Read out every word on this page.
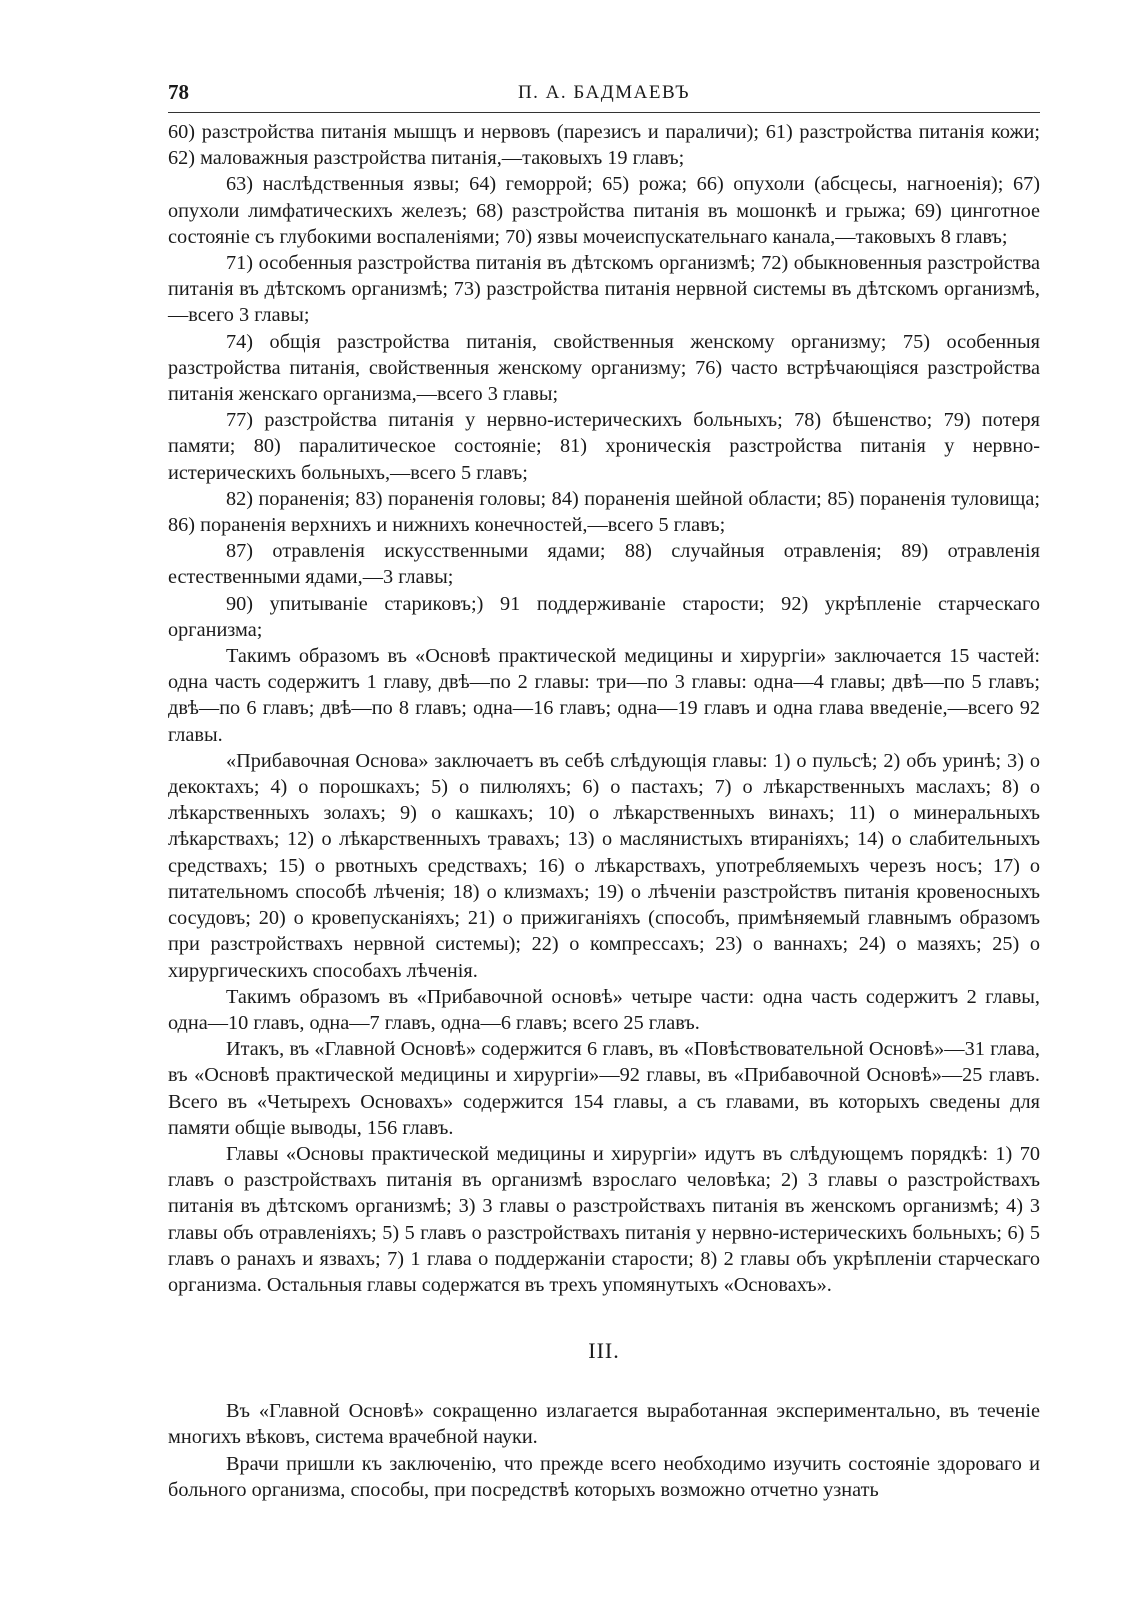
78	П. А. БАДМАЕВЪ

60) разстройства питанія мышцъ и нервовъ (парезисъ и параличи); 61) разстройства питанія кожи; 62) маловажныя разстройства питанія,—таковыхъ 19 главъ;

63) наслѣдственныя язвы; 64) геморрой; 65) рожа; 66) опухоли (абсцесы, нагноенія); 67) опухоли лимфатическихъ железъ; 68) разстройства питанія въ мошонкѣ и грыжа; 69) цинготное состояніе съ глубокими воспаленіями; 70) язвы мочеиспускательнаго канала,—таковыхъ 8 главъ;

71) особенныя разстройства питанія въ дѣтскомъ организмѣ; 72) обыкновенныя разстройства питанія въ дѣтскомъ организмѣ; 73) разстройства питанія нервной системы въ дѣтскомъ организмѣ,—всего 3 главы;

74) общія разстройства питанія, свойственныя женскому организму; 75) особенныя разстройства питанія, свойственныя женскому организму; 76) часто встрѣчающіяся разстройства питанія женскаго организма,—всего 3 главы;

77) разстройства питанія у нервно-истерическихъ больныхъ; 78) бѣшенство; 79) потеря памяти; 80) паралитическое состояніе; 81) хроническія разстройства питанія у нервно-истерическихъ больныхъ,—всего 5 главъ;

82) пораненія; 83) пораненія головы; 84) пораненія шейной области; 85) пораненія туловища; 86) пораненія верхнихъ и нижнихъ конечностей,—всего 5 главъ;

87) отравленія искусственными ядами; 88) случайныя отравленія; 89) отравленія естественными ядами,—3 главы;

90) упитываніе стариковъ;) 91 поддерживаніе старости; 92) укрѣпленіе старческаго организма;

Такимъ образомъ въ «Основѣ практической медицины и хирургіи» заключается 15 частей: одна часть содержитъ 1 главу, двѣ—по 2 главы: три—по 3 главы: одна—4 главы; двѣ—по 5 главъ; двѣ—по 6 главъ; двѣ—по 8 главъ; одна—16 главъ; одна—19 главъ и одна глава введеніе,—всего 92 главы.

«Прибавочная Основа» заключаетъ въ себѣ слѣдующія главы: 1) о пульсѣ; 2) объ уринѣ; 3) о декоктахъ; 4) о порошкахъ; 5) о пилюляхъ; 6) о пастахъ; 7) о лѣкарственныхъ маслахъ; 8) о лѣкарственныхъ золахъ; 9) о кашкахъ; 10) о лѣкарственныхъ винахъ; 11) о минеральныхъ лѣкарствахъ; 12) о лѣкарственныхъ травахъ; 13) о маслянистыхъ втираніяхъ; 14) о слабительныхъ средствахъ; 15) о рвотныхъ средствахъ; 16) о лѣкарствахъ, употребляемыхъ черезъ носъ; 17) о питательномъ способѣ лѣченія; 18) о клизмахъ; 19) о лѣченіи разстройствъ питанія кровеносныхъ сосудовъ; 20) о кровепусканіяхъ; 21) о прижиганіяхъ (способъ, примѣняемый главнымъ образомъ при разстройствахъ нервной системы); 22) о компрессахъ; 23) о ваннахъ; 24) о мазяхъ; 25) о хирургическихъ способахъ лѣченія.

Такимъ образомъ въ «Прибавочной основѣ» четыре части: одна часть содержитъ 2 главы, одна—10 главъ, одна—7 главъ, одна—6 главъ; всего 25 главъ.

Итакъ, въ «Главной Основѣ» содержится 6 главъ, въ «Повѣствовательной Основѣ»—31 глава, въ «Основѣ практической медицины и хирургіи»—92 главы, въ «Прибавочной Основѣ»—25 главъ. Всего въ «Четырехъ Основахъ» содержится 154 главы, а съ главами, въ которыхъ сведены для памяти общіе выводы, 156 главъ.

Главы «Основы практической медицины и хирургіи» идутъ въ слѣдующемъ порядкѣ: 1) 70 главъ о разстройствахъ питанія въ организмѣ взрослаго человѣка; 2) 3 главы о разстройствахъ питанія въ дѣтскомъ организмѣ; 3) 3 главы о разстройствахъ питанія въ женскомъ организмѣ; 4) 3 главы объ отравленіяхъ; 5) 5 главъ о разстройствахъ питанія у нервно-истерическихъ больныхъ; 6) 5 главъ о ранахъ и язвахъ; 7) 1 глава о поддержаніи старости; 8) 2 главы объ укрѣпленіи старческаго организма. Остальныя главы содержатся въ трехъ упомянутыхъ «Основахъ».

III.

Въ «Главной Основѣ» сокращенно излагается выработанная экспериментально, въ теченіе многихъ вѣковъ, система врачебной науки.

Врачи пришли къ заключенію, что прежде всего необходимо изучить состояніе здороваго и больного организма, способы, при посредствѣ которыхъ возможно отчетно узнать
